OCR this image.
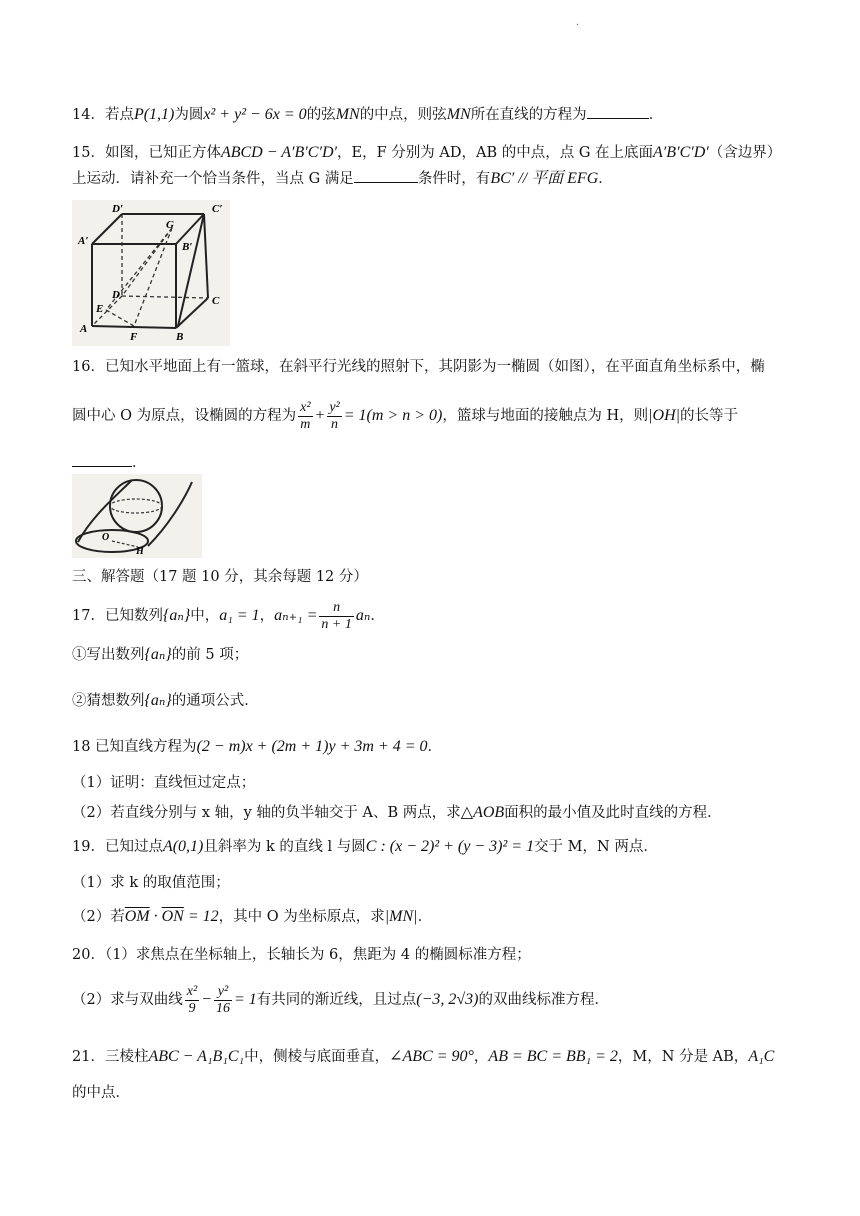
·
14．若点P(1,1)为圆x² + y² − 6x = 0的弦MN的中点，则弦MN所在直线的方程为	．
15．如图，已知正方体ABCD − A′B′C′D′，E，F 分别为 AD，AB 的中点，点 G 在上底面A′B′C′D′（含边界）
上运动．请补充一个恰当条件，当点 G 满足	条件时，有BC′ // 平面 EFG．
D′	C′
A′	B′
G
D
E
A
F	B
C
16．已知水平地面上有一篮球，在斜平行光线的照射下，其阴影为一椭圆（如图），在平面直角坐标系中，椭
圆中心 O 为原点，设椭圆的方程为 $\frac{\text{x²}}{m} + \frac{\text{y²}}{n} = 1(m > n > 0)$，篮球与地面的接触点为 H，则|OH|的长等于
．
O
H
三、解答题（17 题 10 分，其余每题 12 分）
17．已知数列{aₙ}中，a₁ = 1，$a_{n+1} = \frac{n}{n + 1}$ aₙ．
①写出数列{aₙ}的前 5 项；
②猜想数列{aₙ}的通项公式．
18 已知直线方程为(2 − m)x + (2m + 1)y + 3m + 4 = 0．
（1）证明：直线恒过定点；
（2）若直线分别与 x 轴，y 轴的负半轴交于 A、B 两点，求△AOB面积的最小值及此时直线的方程．
19．已知过点A(0,1)且斜率为 k 的直线 l 与圆C : (x − 2)² + (y − 3)² = 1交于 M，N 两点．
（1）求 k 的取值范围；
（2）若$\overline{OM} \cdot \overline{ON} = 12$，其中 O 为坐标原点，求|MN|．
20．（1）求焦点在坐标轴上，长轴长为 6，焦距为 4 的椭圆标准方程；
（2）求与双曲线 $\frac{\text{x²}}{9} - \frac{\text{y²}}{16} = 1$有共同的渐近线，且过点(−3, 2√3)的双曲线标准方程．
21．三棱柱ABC − A₁B₁C₁中，侧棱与底面垂直，∠ABC = 90°，AB = BC = BB₁ = 2，M，N 分是 AB，A₁C
的中点．
